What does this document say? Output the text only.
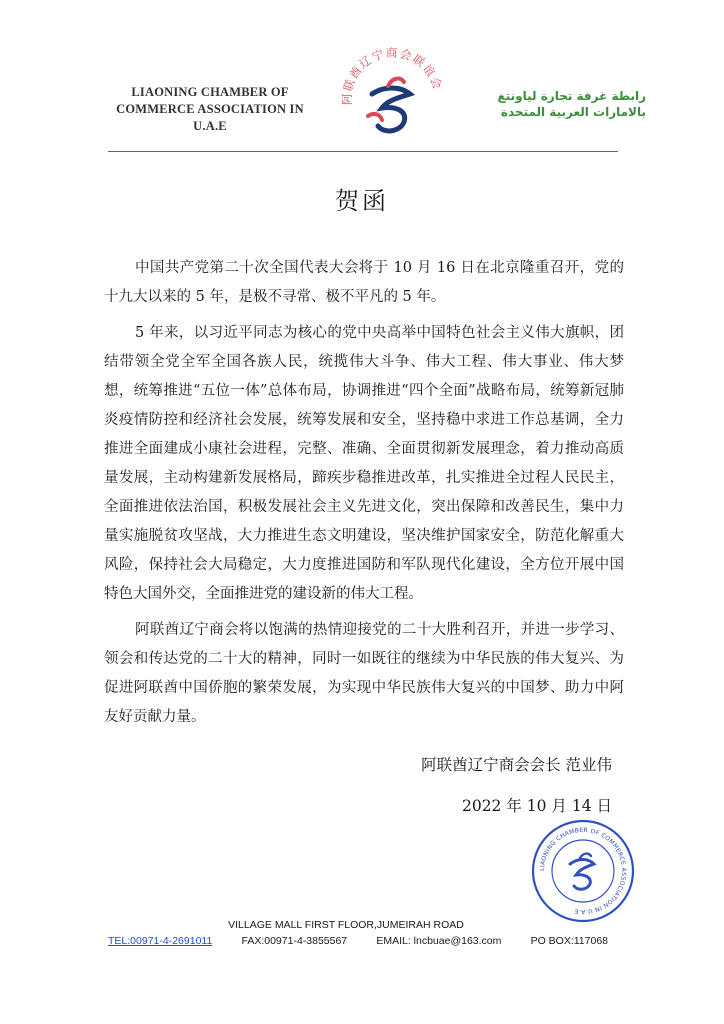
LIAONING CHAMBER OF
COMMERCE ASSOCIATION IN
U.A.E
阿联酋辽宁商会联谊会
رابطة غرفة تجارة لياونتغ
بالامارات العربية المتحدة
贺函

中国共产党第二十次全国代表大会将于 10 月 16 日在北京隆重召开，党的十九大以来的 5 年，是极不寻常、极不平凡的 5 年。

5 年来，以习近平同志为核心的党中央高举中国特色社会主义伟大旗帜，团结带领全党全军全国各族人民，统揽伟大斗争、伟大工程、伟大事业、伟大梦想，统筹推进“五位一体”总体布局，协调推进“四个全面”战略布局，统筹新冠肺炎疫情防控和经济社会发展，统筹发展和安全，坚持稳中求进工作总基调，全力推进全面建成小康社会进程，完整、准确、全面贯彻新发展理念，着力推动高质量发展，主动构建新发展格局，蹄疾步稳推进改革，扎实推进全过程人民民主，全面推进依法治国，积极发展社会主义先进文化，突出保障和改善民生，集中力量实施脱贫攻坚战，大力推进生态文明建设，坚决维护国家安全，防范化解重大风险，保持社会大局稳定，大力度推进国防和军队现代化建设，全方位开展中国特色大国外交，全面推进党的建设新的伟大工程。

阿联酋辽宁商会将以饱满的热情迎接党的二十大胜利召开，并进一步学习、领会和传达党的二十大的精神，同时一如既往的继续为中华民族的伟大复兴、为促进阿联酋中国侨胞的繁荣发展，为实现中华民族伟大复兴的中国梦、助力中阿友好贡献力量。

阿联酋辽宁商会会长 范业伟
2022 年 10 月 14 日
LIAONING CHAMBER OF COMMERCE ASSOCIATION IN U.A.E
VILLAGE MALL FIRST FLOOR,JUMEIRAH ROAD
TEL:00971-4-2691011	FAX:00971-4-3855567	EMAIL: lncbuae@163.com	PO BOX:117068
